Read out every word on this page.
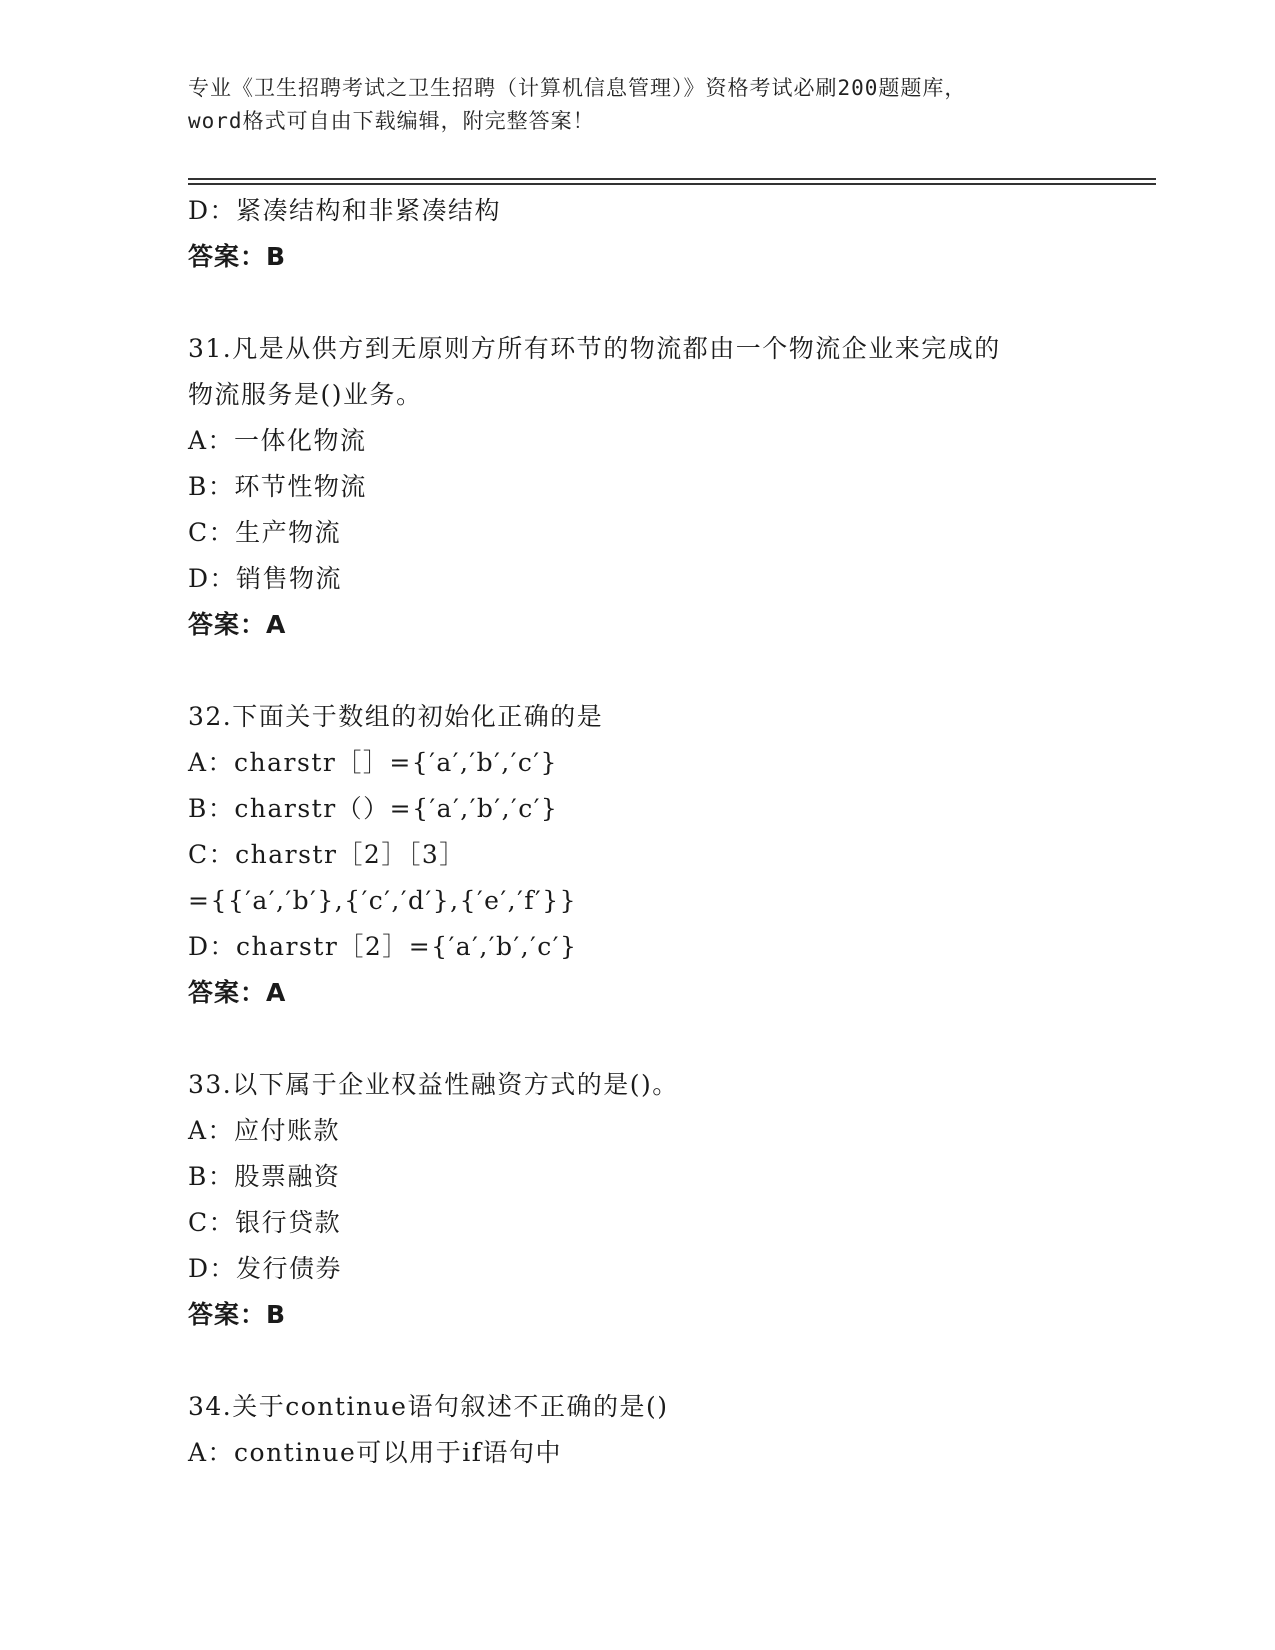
专业《卫生招聘考试之卫生招聘（计算机信息管理）》资格考试必刷200题题库，
word格式可自由下载编辑，附完整答案！
D：紧凑结构和非紧凑结构
答案：B
31.凡是从供方到无原则方所有环节的物流都由一个物流企业来完成的
物流服务是()业务。
A：一体化物流
B：环节性物流
C：生产物流
D：销售物流
答案：A
32.下面关于数组的初始化正确的是
A：charstr［］={′a′,′b′,′c′}
B：charstr（）={′a′,′b′,′c′}
C：charstr［2］［3］
={{′a′,′b′},{′c′,′d′},{′e′,′f′}}
D：charstr［2］={′a′,′b′,′c′}
答案：A
33.以下属于企业权益性融资方式的是()。
A：应付账款
B：股票融资
C：银行贷款
D：发行债券
答案：B
34.关于continue语句叙述不正确的是()
A：continue可以用于if语句中
